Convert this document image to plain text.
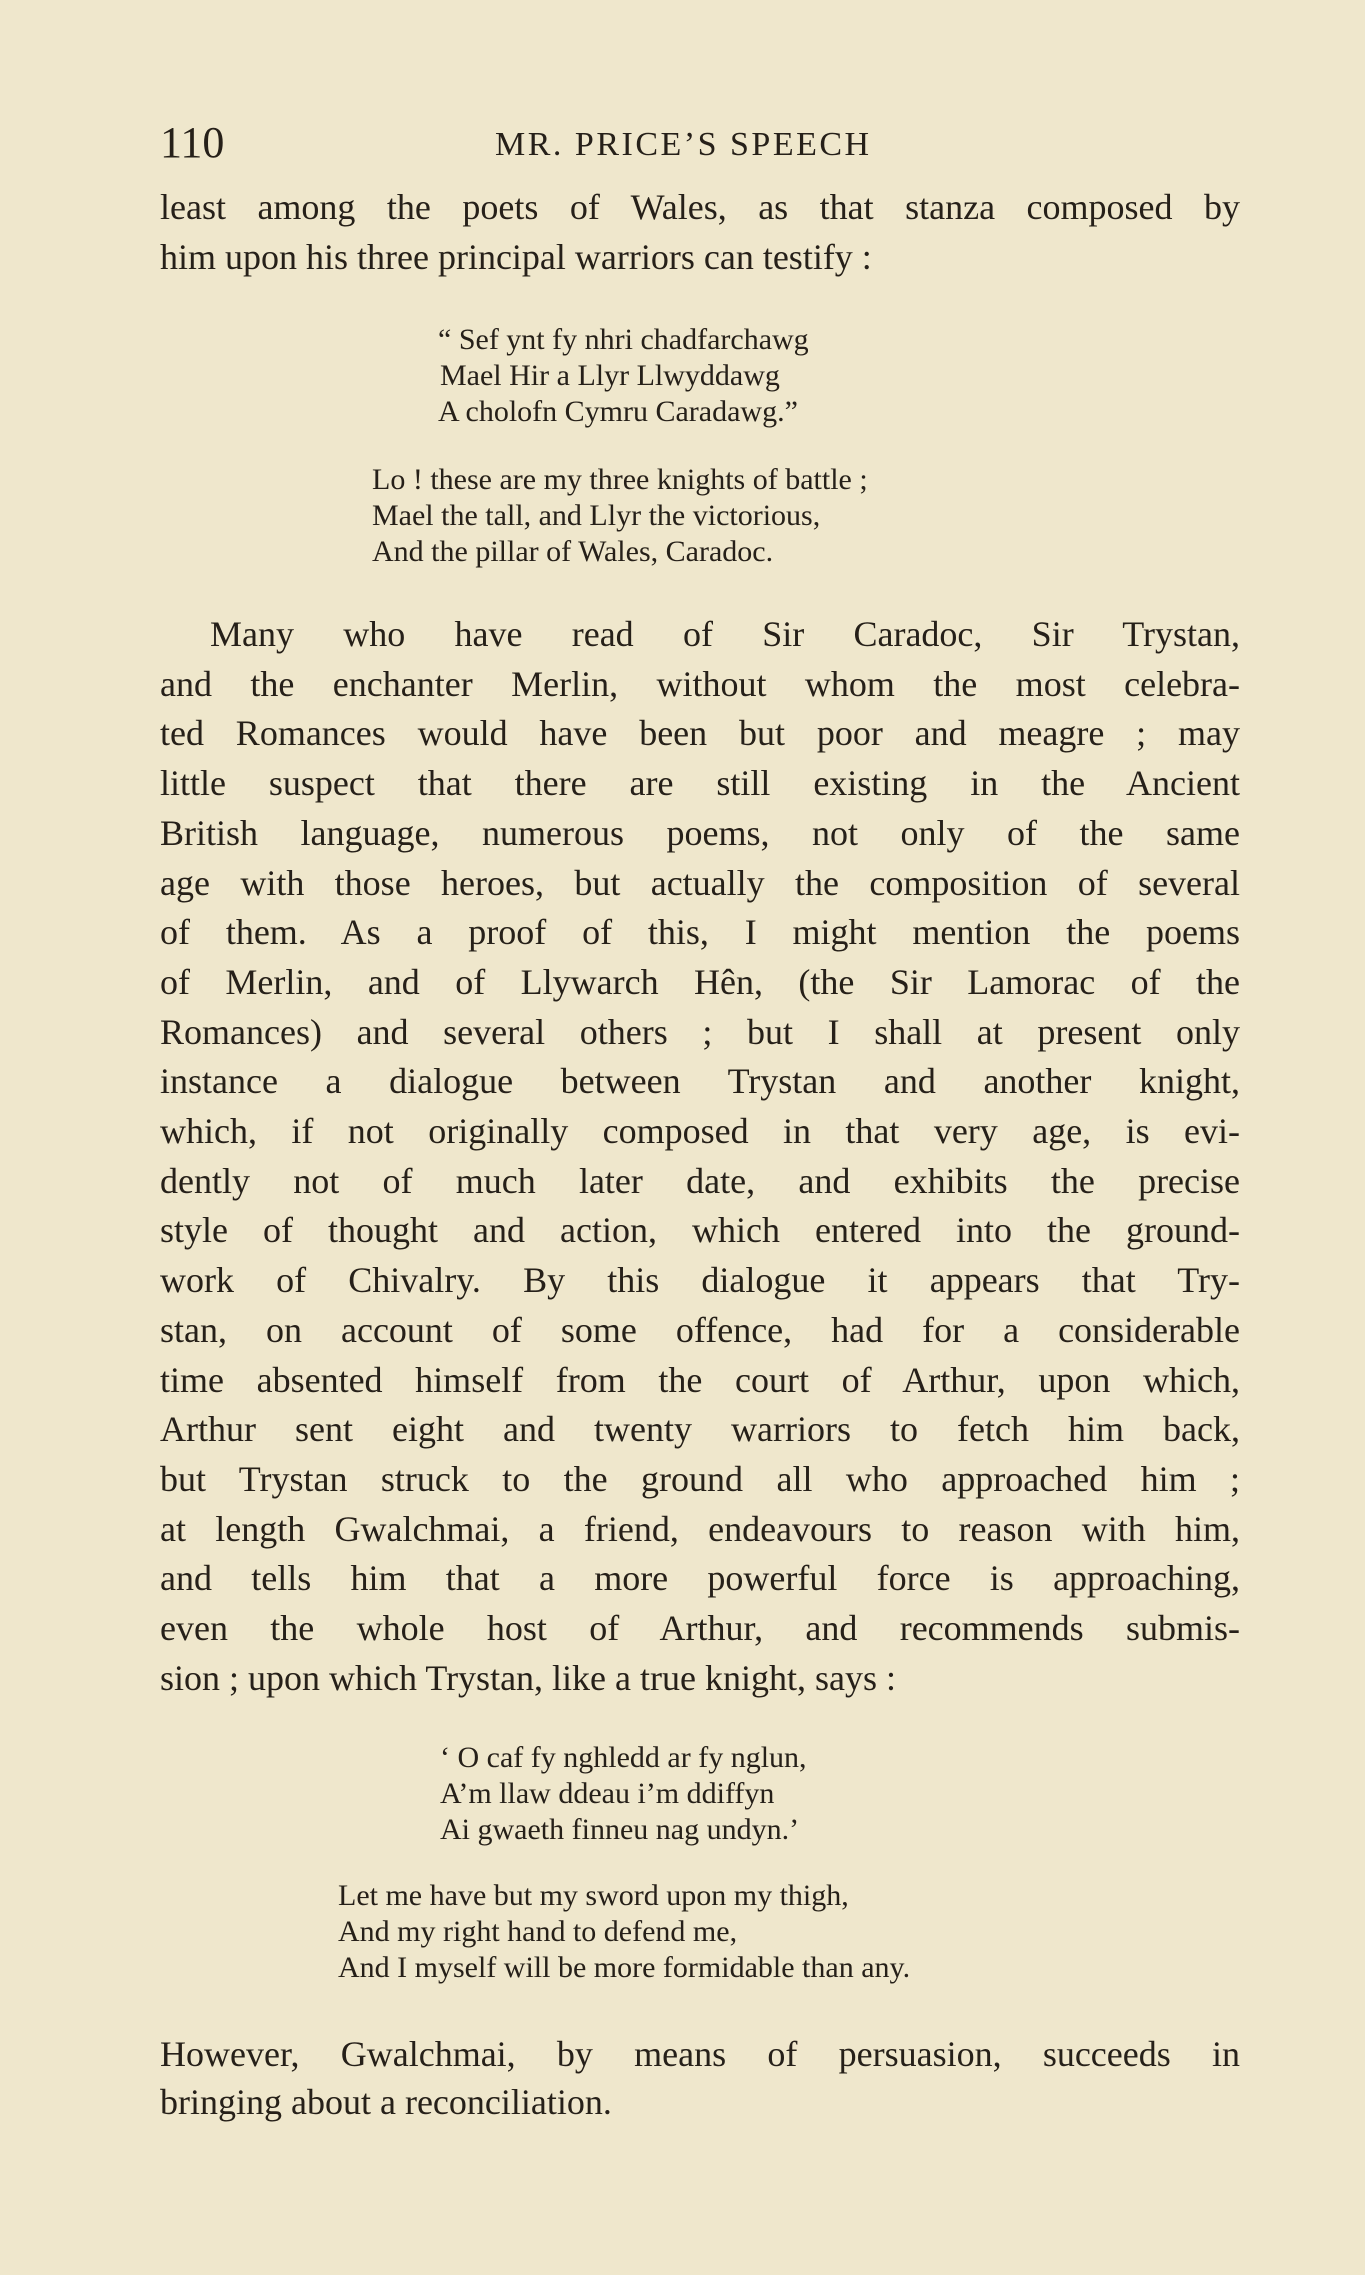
110	MR. PRICE’S SPEECH
least among the poets of Wales, as that stanza composed by
him upon his three principal warriors can testify :
“ Sef ynt fy nhri chadfarchawg
Mael Hir a Llyr Llwyddawg
A cholofn Cymru Caradawg.”
Lo ! these are my three knights of battle ;
Mael the tall, and Llyr the victorious,
And the pillar of Wales, Caradoc.
Many who have read of Sir Caradoc, Sir Trystan,
and the enchanter Merlin, without whom the most celebra-
ted Romances would have been but poor and meagre ; may
little suspect that there are still existing in the Ancient
British language, numerous poems, not only of the same
age with those heroes, but actually the composition of several
of them. As a proof of this, I might mention the poems
of Merlin, and of Llywarch Hên, (the Sir Lamorac of the
Romances) and several others ; but I shall at present only
instance a dialogue between Trystan and another knight,
which, if not originally composed in that very age, is evi-
dently not of much later date, and exhibits the precise
style of thought and action, which entered into the ground-
work of Chivalry. By this dialogue it appears that Try-
stan, on account of some offence, had for a considerable
time absented himself from the court of Arthur, upon which,
Arthur sent eight and twenty warriors to fetch him back,
but Trystan struck to the ground all who approached him ;
at length Gwalchmai, a friend, endeavours to reason with him,
and tells him that a more powerful force is approaching,
even the whole host of Arthur, and recommends submis-
sion ; upon which Trystan, like a true knight, says :
‘ O caf fy nghledd ar fy nglun,
A’m llaw ddeau i’m ddiffyn
Ai gwaeth finneu nag undyn.’
Let me have but my sword upon my thigh,
And my right hand to defend me,
And I myself will be more formidable than any.
However, Gwalchmai, by means of persuasion, succeeds in
bringing about a reconciliation.
